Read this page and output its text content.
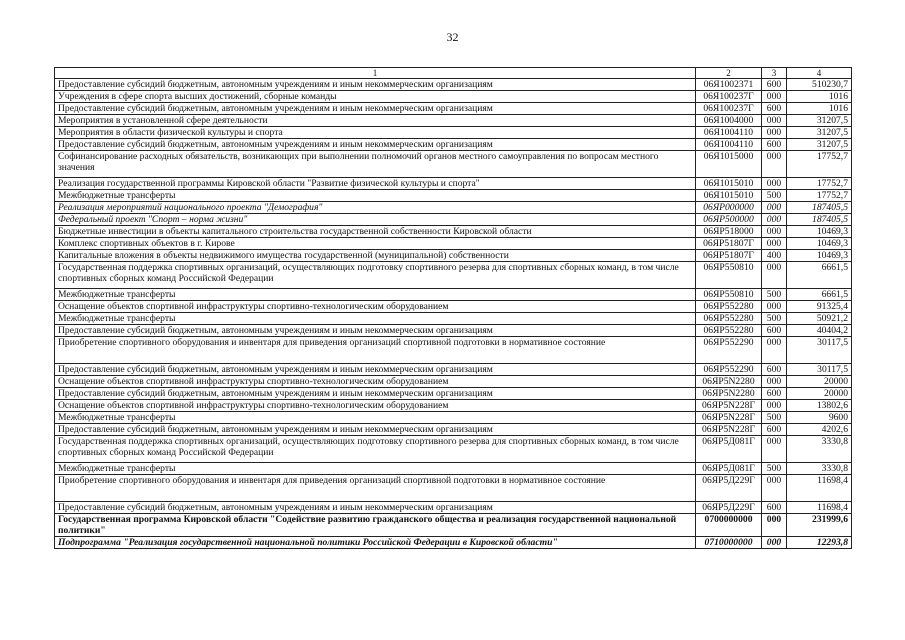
32
1	2	3	4
Предоставление субсидий бюджетным, автономным учреждениям и иным некоммерческим организациям	06Я1002371	600	510230,7
Учреждения в сфере спорта высших достижений, сборные команды	06Я100237Г	000	1016
Предоставление субсидий бюджетным, автономным учреждениям и иным некоммерческим организациям	06Я100237Г	600	1016
Мероприятия в установленной сфере деятельности	06Я1004000	000	31207,5
Мероприятия в области физической культуры и спорта	06Я1004110	000	31207,5
Предоставление субсидий бюджетным, автономным учреждениям и иным некоммерческим организациям	06Я1004110	600	31207,5
Софинансирование расходных обязательств, возникающих при выполнении полномочий органов местного самоуправления по вопросам местного значения	06Я1015000	000	17752,7
Реализация государственной программы Кировской области "Развитие физической культуры и спорта"	06Я1015010	000	17752,7
Межбюджетные трансферты	06Я1015010	500	17752,7
Реализация мероприятий национального проекта "Демография"	06ЯР000000	000	187405,5
Федеральный проект "Спорт – норма жизни"	06ЯР500000	000	187405,5
Бюджетные инвестиции в объекты капитального строительства государственной собственности Кировской области	06ЯР518000	000	10469,3
Комплекс спортивных объектов в г. Кирове	06ЯР51807Г	000	10469,3
Капитальные вложения в объекты недвижимого имущества государственной (муниципальной) собственности	06ЯР51807Г	400	10469,3
Государственная поддержка спортивных организаций, осуществляющих подготовку спортивного резерва для спортивных сборных команд, в том числе спортивных сборных команд Российской Федерации	06ЯР550810	000	6661,5
Межбюджетные трансферты	06ЯР550810	500	6661,5
Оснащение объектов спортивной инфраструктуры спортивно-технологическим оборудованием	06ЯР552280	000	91325,4
Межбюджетные трансферты	06ЯР552280	500	50921,2
Предоставление субсидий бюджетным, автономным учреждениям и иным некоммерческим организациям	06ЯР552280	600	40404,2
Приобретение спортивного оборудования и инвентаря для приведения организаций спортивной подготовки в нормативное состояние	06ЯР552290	000	30117,5
Предоставление субсидий бюджетным, автономным учреждениям и иным некоммерческим организациям	06ЯР552290	600	30117,5
Оснащение объектов спортивной инфраструктуры спортивно-технологическим оборудованием	06ЯР5N2280	000	20000
Предоставление субсидий бюджетным, автономным учреждениям и иным некоммерческим организациям	06ЯР5N2280	600	20000
Оснащение объектов спортивной инфраструктуры спортивно-технологическим оборудованием	06ЯР5N228Г	000	13802,6
Межбюджетные трансферты	06ЯР5N228Г	500	9600
Предоставление субсидий бюджетным, автономным учреждениям и иным некоммерческим организациям	06ЯР5N228Г	600	4202,6
Государственная поддержка спортивных организаций, осуществляющих подготовку спортивного резерва для спортивных сборных команд, в том числе спортивных сборных команд Российской Федерации	06ЯР5Д081Г	000	3330,8
Межбюджетные трансферты	06ЯР5Д081Г	500	3330,8
Приобретение спортивного оборудования и инвентаря для приведения организаций спортивной подготовки в нормативное состояние	06ЯР5Д229Г	000	11698,4
Предоставление субсидий бюджетным, автономным учреждениям и иным некоммерческим организациям	06ЯР5Д229Г	600	11698,4
Государственная программа Кировской области "Содействие развитию гражданского общества и реализация государственной национальной политики"	0700000000	000	231999,6
Подпрограмма "Реализация государственной национальной политики Российской Федерации в Кировской области"	0710000000	000	12293,8
